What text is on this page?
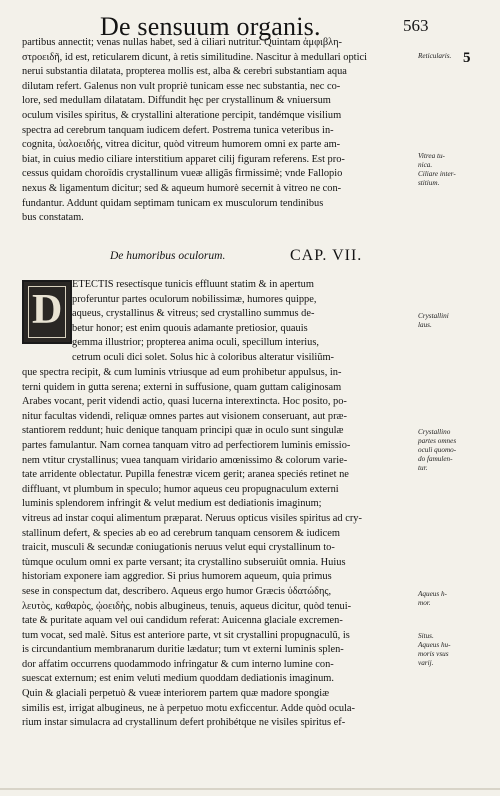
De sensuum organis.	563
5
partibus annectit; venas nullas habet, sed à ciliari nutritur. Quintam ἀμφιβλη-
στροειδῆ, id est, reticularem dicunt, à retis similitudine. Nascitur à medullari optici
nerui substantia dilatata, propterea mollis est, alba & cerebri substantiam aqua
dilutam refert. Galenus non vult propriè tunicam esse nec substantia, nec co-
lore, sed medullam dilatatam. Diffundit hęc per crystallinum & vniuersum
oculum visiles spiritus, & crystallini alteratione percipit, tandémque visilium
spectra ad cerebrum tanquam iudicem defert. Postrema tunica veteribus in-
cognita, ὑαλοειδής, vitrea dicitur, quòd vitreum humorem omni ex parte am-
biat, in cuius medio ciliare interstitium apparet cilij figuram referens. Est pro-
cessus quidam choroïdis crystallinum vueæ alligãs firmissimè; vnde Fallopio
nexus & ligamentum dicitur; sed & aqueum humorè secernit à vitreo ne con-
fundantur. Addunt quidam septimam tunicam ex musculorum tendinibus
bus constatam.
De humoribus oculorum.	CAP. VII.
D
ETECTIS resectísque tunicis effluunt statim & in apertum
proferuntur partes oculorum nobilissimæ, humores quippe,
aqueus, crystallinus & vitreus; sed crystallino summus de-
betur honor; est enim quouis adamante pretiosior, quauis
gemma illustrior; propterea anima oculi, specillum interius,
cetrum oculi dici solet. Solus hic à coloribus alteratur visiliũm-
que spectra recipit, & cum luminis vtriusque ad eum prohibetur appulsus, in-
terni quidem in gutta serena; externi in suffusione, quam guttam caliginosam
Arabes vocant, perit videndi actio, quasi lucerna interextincta. Hoc posito, po-
nitur facultas videndi, reliquæ omnes partes aut visionem conseruant, aut præ-
stantiorem reddunt; huic denique tanquam principi quæ in oculo sunt singulæ
partes famulantur. Nam cornea tanquam vitro ad perfectiorem luminis emissio-
nem vtitur crystallinus; vuea tanquam viridario amœnissimo & colorum varie-
tate arridente oblectatur. Pupilla fenestræ vicem gerit; aranea speciés retinet ne
diffluant, vt plumbum in speculo; humor aqueus ceu propugnaculum externi
luminis splendorem infringit & velut medium est dediationis imaginum;
vitreus ad instar coqui alimentum præparat. Neruus opticus visiles spiritus ad cry-
stallinum defert, & species ab eo ad cerebrum tanquam censorem & iudicem
traicit, musculi & secundæ coniugationis neruus velut equi crystallinum to-
tùmque oculum omni ex parte versant; ita crystallino subseruiũt omnia. Huius
historiam exponere iam aggredior. Si prius humorem aqueum, quia primus
sese in conspectum dat, describero. Aqueus ergo humor Græcis ὑδατώδης,
λευτὸς, καθαρὸς, ᾠοειδὴς, nobis albugineus, tenuis, aqueus dicitur, quòd tenui-
tate & puritate aquam vel oui candidum referat: Auicenna glaciale excremen-
tum vocat, sed malè. Situs est anteriore parte, vt sit crystallini propugnaculũ, is
is circundantium membranarum duritie lædatur; tum vt externi luminis splen-
dor affatim occurrens quodammodo infringatur & cum interno lumine con-
suescat externum; est enim veluti medium quoddam dediationis imaginum.
Quin & glaciali perpetuò & vueæ interiorem partem quæ madore spongiæ
similis est, irrigat albugineus, ne à perpetuo motu exficcentur. Adde quòd ocula-
rium instar simulacra ad crystallinum defert prohibétque ne visiles spiritus ef-
Reticularis.
Vitrea tu-
nica.
Ciliare inter-
stitium.
Crystallini
laus.
Crystallino
partes omnes
oculi quomo-
do famulen-
tur.
Aqueus h-
mor.
Situs.
Aqueus hu-
moris vsus
varij.
